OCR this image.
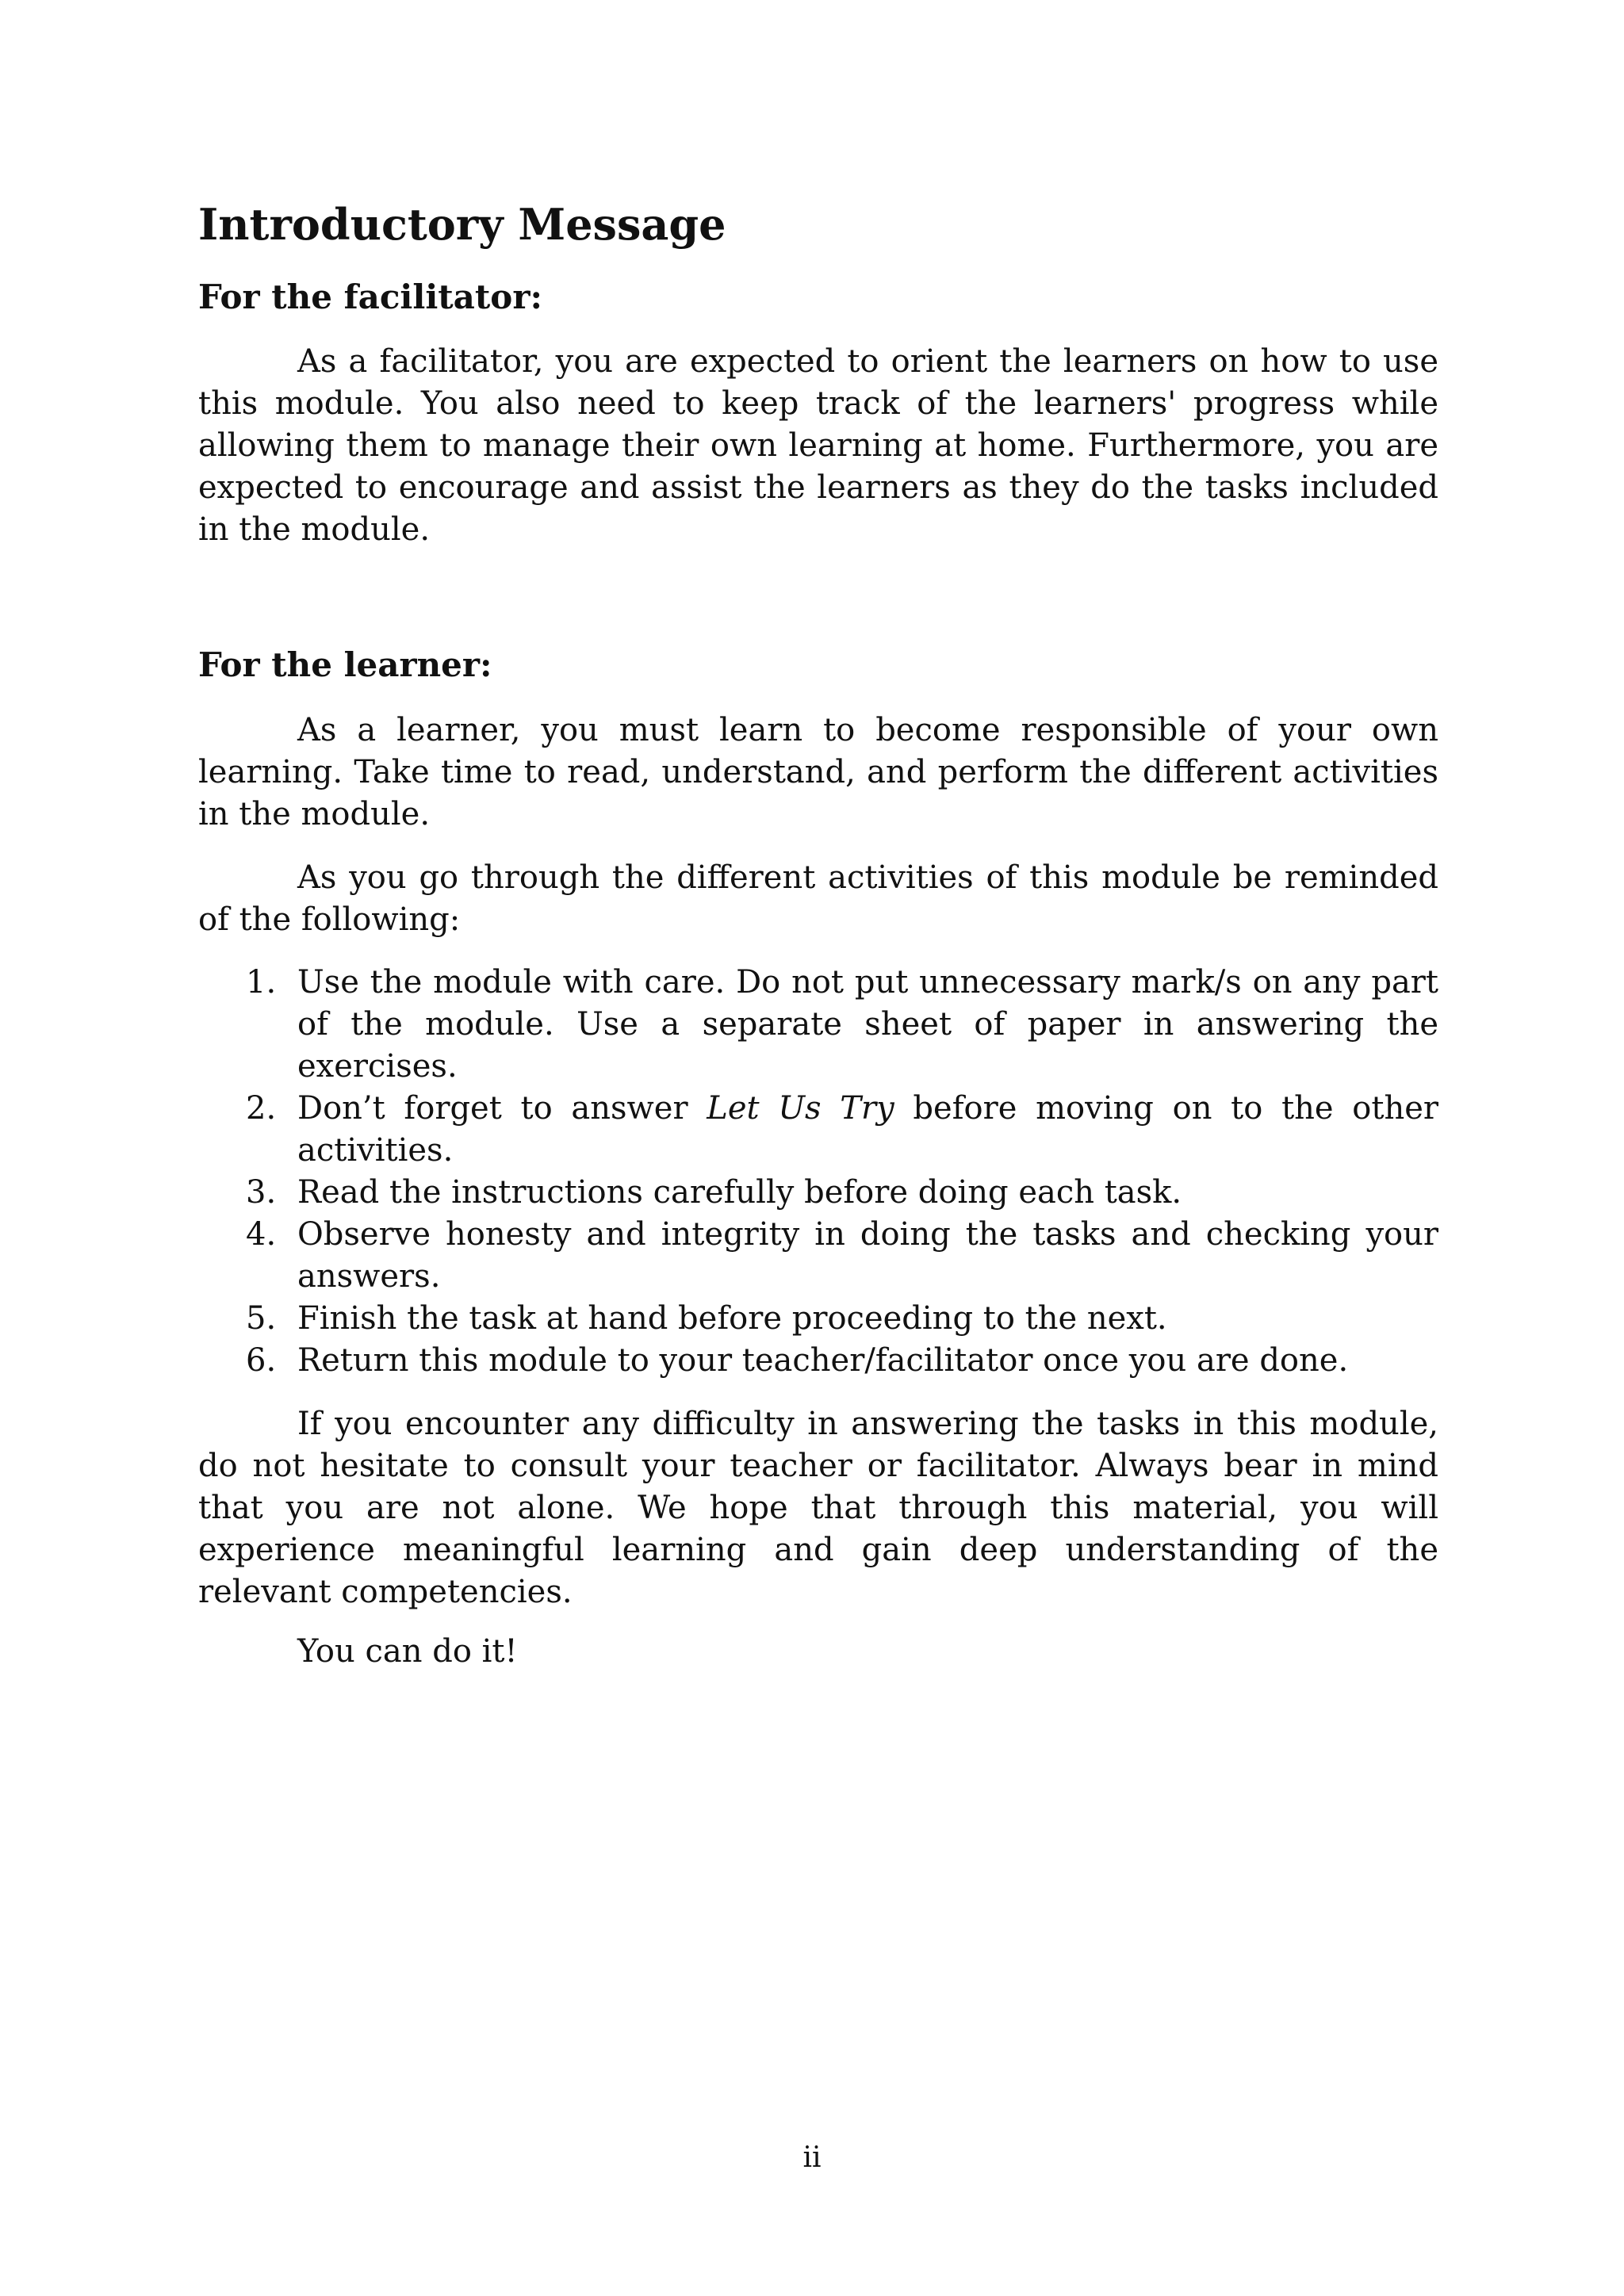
Introductory Message
For the facilitator:

As a facilitator, you are expected to orient the learners on how to use this module. You also need to keep track of the learners' progress while allowing them to manage their own learning at home. Furthermore, you are expected to encourage and assist the learners as they do the tasks included in the module.

For the learner:

As a learner, you must learn to become responsible of your own learning. Take time to read, understand, and perform the different activities in the module.

As you go through the different activities of this module be reminded of the following:

1. Use the module with care. Do not put unnecessary mark/s on any part of the module. Use a separate sheet of paper in answering the exercises.
2. Don’t forget to answer Let Us Try before moving on to the other activities.
3. Read the instructions carefully before doing each task.
4. Observe honesty and integrity in doing the tasks and checking your answers.
5. Finish the task at hand before proceeding to the next.
6. Return this module to your teacher/facilitator once you are done.

If you encounter any difficulty in answering the tasks in this module, do not hesitate to consult your teacher or facilitator. Always bear in mind that you are not alone. We hope that through this material, you will experience meaningful learning and gain deep understanding of the relevant competencies.

You can do it!

ii
